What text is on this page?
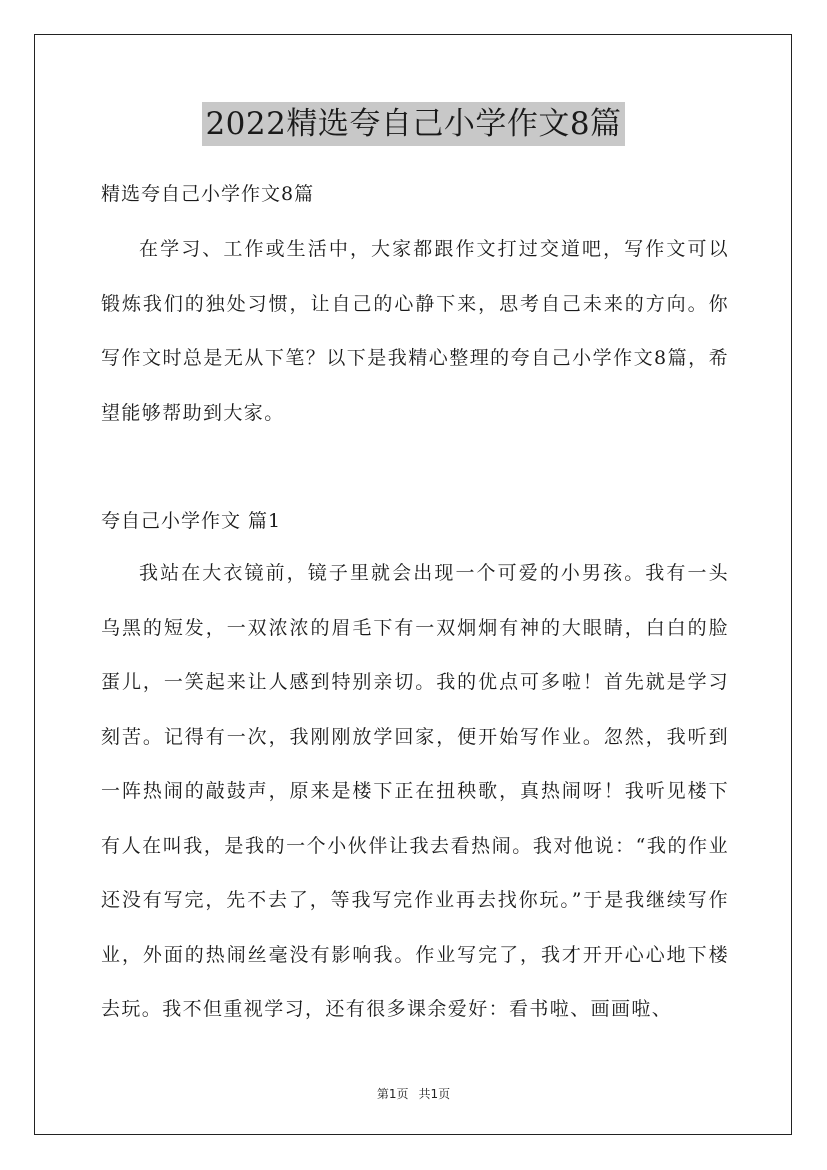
2022精选夸自己小学作文8篇

精选夸自己小学作文8篇

在学习、工作或生活中，大家都跟作文打过交道吧，写作文可以锻炼我们的独处习惯，让自己的心静下来，思考自己未来的方向。你写作文时总是无从下笔？以下是我精心整理的夸自己小学作文8篇，希望能够帮助到大家。

夸自己小学作文 篇1

我站在大衣镜前，镜子里就会出现一个可爱的小男孩。我有一头乌黑的短发，一双浓浓的眉毛下有一双炯炯有神的大眼睛，白白的脸蛋儿，一笑起来让人感到特别亲切。我的优点可多啦！首先就是学习刻苦。记得有一次，我刚刚放学回家，便开始写作业。忽然，我听到一阵热闹的敲鼓声，原来是楼下正在扭秧歌，真热闹呀！我听见楼下有人在叫我，是我的一个小伙伴让我去看热闹。我对他说：“我的作业还没有写完，先不去了，等我写完作业再去找你玩。”于是我继续写作业，外面的热闹丝毫没有影响我。作业写完了，我才开开心心地下楼去玩。我不但重视学习，还有很多课余爱好：看书啦、画画啦、

第1页 共1页
